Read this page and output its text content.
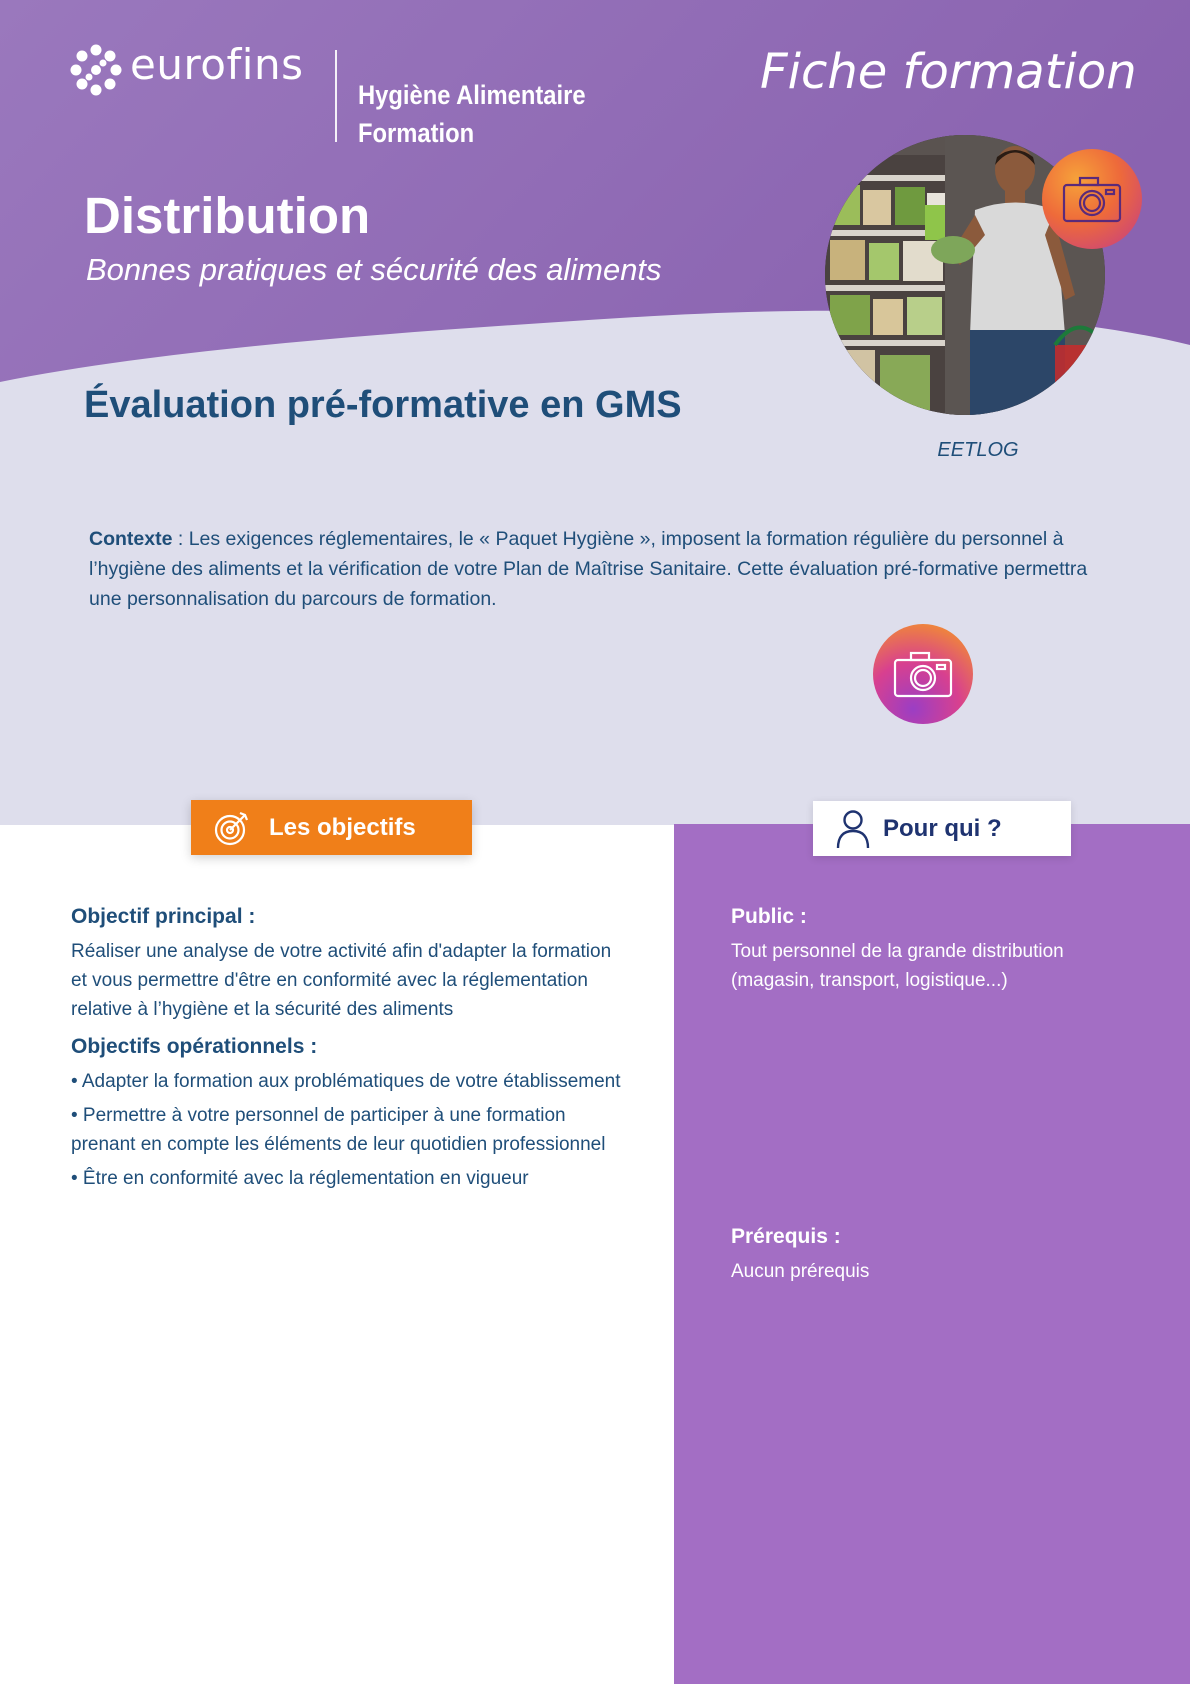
eurofins
Hygiène Alimentaire
Formation
Fiche formation
Distribution
Bonnes pratiques et sécurité des aliments
Évaluation pré-formative en GMS
EETLOG
Contexte : Les exigences réglementaires, le « Paquet Hygiène », imposent la formation régulière du personnel à l’hygiène des aliments et la vérification de votre Plan de Maîtrise Sanitaire. Cette évaluation pré-formative permettra une personnalisation du parcours de formation.
Les objectifs	Pour qui ?
Objectif principal :
Réaliser une analyse de votre activité afin d'adapter la formation et vous permettre d'être en conformité avec la réglementation relative à l’hygiène et la sécurité des aliments
Objectifs opérationnels :
• Adapter la formation aux problématiques de votre établissement
• Permettre à votre personnel de participer à une formation prenant en compte les éléments de leur quotidien professionnel
• Être en conformité avec la réglementation en vigueur
Public :
Tout personnel de la grande distribution (magasin, transport, logistique...)
Prérequis :
Aucun prérequis
